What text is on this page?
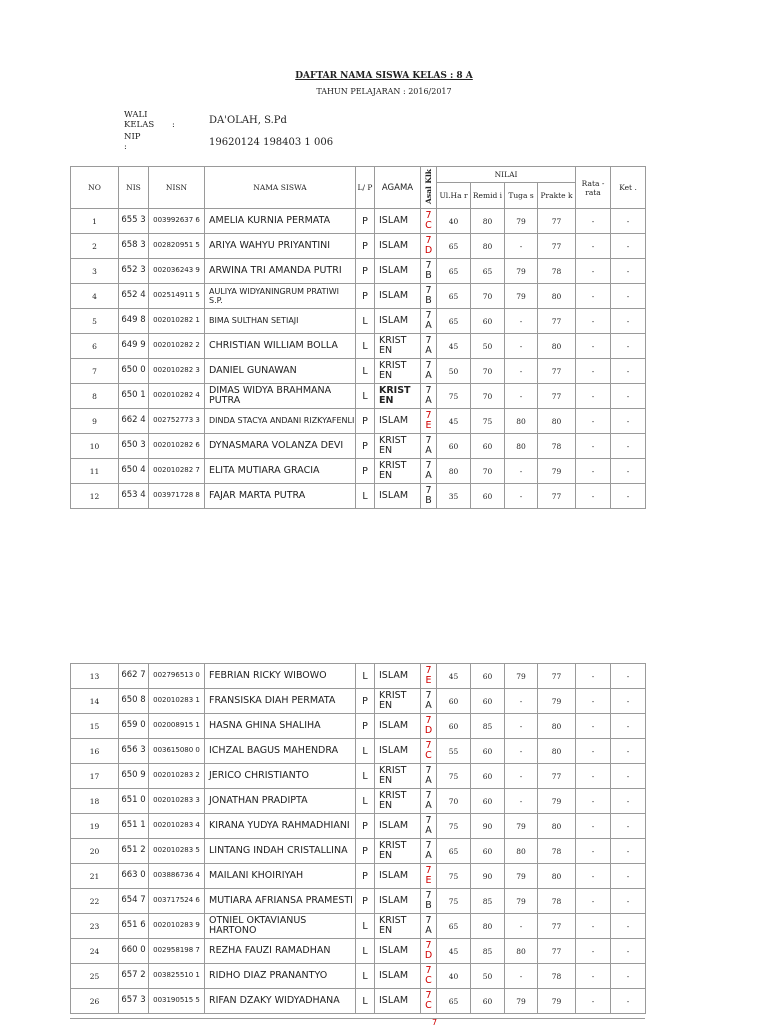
DAFTAR NAMA SISWA KELAS : 8 A
TAHUN PELAJARAN : 2016/2017
WALI
KELAS :	DA'OLAH, S.Pd
NIP
:	19620124 198403 1 006
NO	NIS	NISN	NAMA SISWA	L/ P	AGAMA	Asal Klk	NILAI				Rata -rata	Ket .
							Ul.Ha r	Remid i	Tuga s	Prakte k		
1	655 3	003992637 6	AMELIA KURNIA PERMATA	P	ISLAM	7 C	40	80	79	77	-	-
2	658 3	002820951 5	ARIYA WAHYU PRIYANTINI	P	ISLAM	7 D	65	80	-	77	-	-
3	652 3	002036243 9	ARWINA TRI AMANDA PUTRI	P	ISLAM	7 B	65	65	79	78	-	-
4	652 4	002514911 5	AULIYA WIDYANINGRUM PRATIWI S.P.	P	ISLAM	7 B	65	70	79	80	-	-
5	649 8	002010282 1	BIMA SULTHAN SETIAJI	L	ISLAM	7 A	65	60	-	77	-	-
6	649 9	002010282 2	CHRISTIAN WILLIAM BOLLA	L	KRIST EN	7 A	45	50	-	80	-	-
7	650 0	002010282 3	DANIEL GUNAWAN	L	KRIST EN	7 A	50	70	-	77	-	-
8	650 1	002010282 4	DIMAS WIDYA BRAHMANA PUTRA	L	KRIST EN	7 A	75	70	-	77	-	-
9	662 4	002752773 3	DINDA STACYA ANDANI RIZKYAFENLI	P	ISLAM	7 E	45	75	80	80	-	-
10	650 3	002010282 6	DYNASMARA VOLANZA DEVI	P	KRIST EN	7 A	60	60	80	78	-	-
11	650 4	002010282 7	ELITA MUTIARA GRACIA	P	KRIST EN	7 A	80	70	-	79	-	-
12	653 4	003971728 8	FAJAR MARTA PUTRA	L	ISLAM	7 B	35	60	-	77	-	-
13	662 7	002796513 0	FEBRIAN RICKY WIBOWO	L	ISLAM	7 E	45	60	79	77	-	-
14	650 8	002010283 1	FRANSISKA DIAH PERMATA	P	KRIST EN	7 A	60	60	-	79	-	-
15	659 0	002008915 1	HASNA GHINA SHALIHA	P	ISLAM	7 D	60	85	-	80	-	-
16	656 3	003615080 0	ICHZAL BAGUS MAHENDRA	L	ISLAM	7 C	55	60	-	80	-	-
17	650 9	002010283 2	JERICO CHRISTIANTO	L	KRIST EN	7 A	75	60	-	77	-	-
18	651 0	002010283 3	JONATHAN PRADIPTA	L	KRIST EN	7 A	70	60	-	79	-	-
19	651 1	002010283 4	KIRANA YUDYA RAHMADHIANI	P	ISLAM	7 A	75	90	79	80	-	-
20	651 2	002010283 5	LINTANG INDAH CRISTALLINA	P	KRIST EN	7 A	65	60	80	78	-	-
21	663 0	003886736 4	MAILANI KHOIRIYAH	P	ISLAM	7 E	75	90	79	80	-	-
22	654 7	003717524 6	MUTIARA AFRIANSA PRAMESTI	P	ISLAM	7 B	75	85	79	78	-	-
23	651 6	002010283 9	OTNIEL OKTAVIANUS HARTONO	L	KRIST EN	7 A	65	80	-	77	-	-
24	660 0	002958198 7	REZHA FAUZI RAMADHAN	L	ISLAM	7 D	45	85	80	77	-	-
25	657 2	003825510 1	RIDHO DIAZ PRANANTYO	L	ISLAM	7 C	40	50	-	78	-	-
26	657 3	003190515 5	RIFAN DZAKY WIDYADHANA	L	ISLAM	7 C	65	60	79	79	-	-
7
